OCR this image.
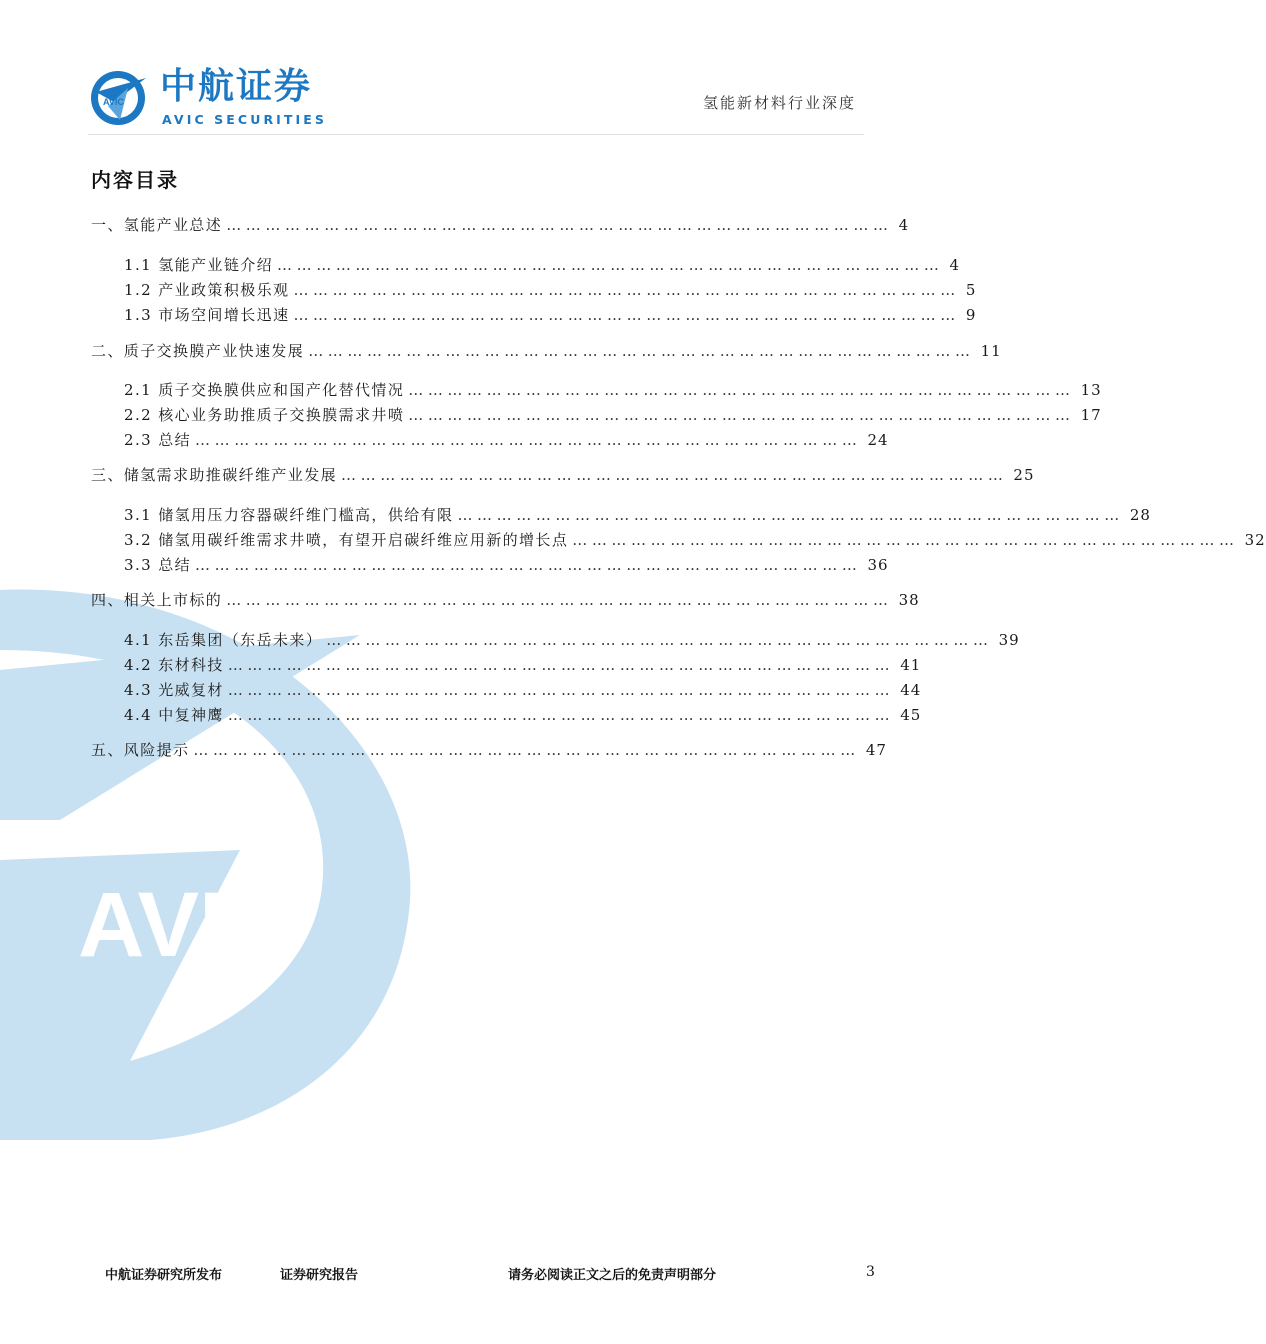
AVIC
AVIC 中航证券
AVIC SECURITIES
氢能新材料行业深度
内容目录
一、氢能产业总述 ………………………………………………………………………………………… 4
1.1 氢能产业链介绍 ………………………………………………………………………………………… 4
1.2 产业政策积极乐观 ………………………………………………………………………………………… 5
1.3 市场空间增长迅速 ………………………………………………………………………………………… 9
二、质子交换膜产业快速发展 ………………………………………………………………………………………… 11
2.1 质子交换膜供应和国产化替代情况 ………………………………………………………………………………………… 13
2.2 核心业务助推质子交换膜需求井喷 ………………………………………………………………………………………… 17
2.3 总结 ………………………………………………………………………………………… 24
三、储氢需求助推碳纤维产业发展 ………………………………………………………………………………………… 25
3.1 储氢用压力容器碳纤维门槛高，供给有限 ………………………………………………………………………………………… 28
3.2 储氢用碳纤维需求井喷，有望开启碳纤维应用新的增长点 ………………………………………………………………………………………… 32
3.3 总结 ………………………………………………………………………………………… 36
四、相关上市标的 ………………………………………………………………………………………… 38
4.1 东岳集团（东岳未来） ………………………………………………………………………………………… 39
4.2 东材科技 ………………………………………………………………………………………… 41
4.3 光威复材 ………………………………………………………………………………………… 44
4.4 中复神鹰 ………………………………………………………………………………………… 45
五、风险提示 ………………………………………………………………………………………… 47
中航证券研究所发布	证券研究报告	请务必阅读正文之后的免责声明部分	3
